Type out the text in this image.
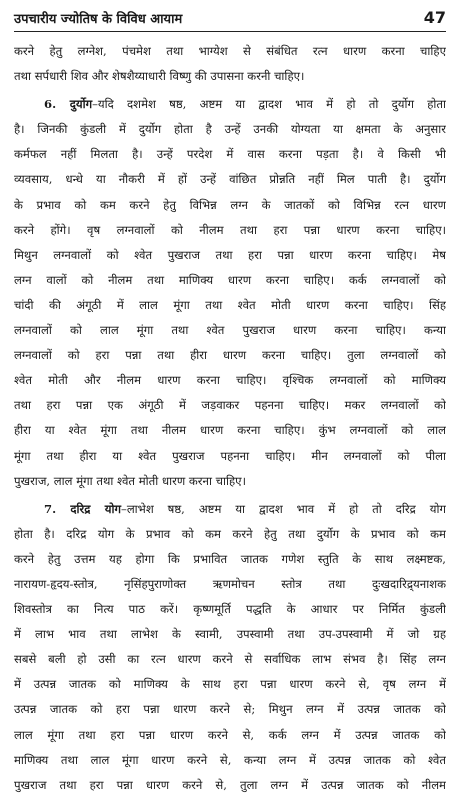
उपचारीय ज्योतिष के विविध आयाम	47
करने हेतु लग्नेश, पंचमेश तथा भाग्येश से संबंधित रत्न धारण करना चाहिए
तथा सर्पधारी शिव और शेषशैय्याधारी विष्णु की उपासना करनी चाहिए।
6. दुर्योग–यदि दशमेश षष्ठ, अष्टम या द्वादश भाव में हो तो दुर्योग होता
है। जिनकी कुंडली में दुर्योग होता है उन्हें उनकी योग्यता या क्षमता के अनुसार
कर्मफल नहीं मिलता है। उन्हें परदेश में वास करना पड़ता है। वे किसी भी
व्यवसाय, धन्धे या नौकरी में हों उन्हें वांछित प्रोन्नति नहीं मिल पाती है। दुर्योग
के प्रभाव को कम करने हेतु विभिन्न लग्न के जातकों को विभिन्न रत्न धारण
करने होंगे। वृष लग्नवालों को नीलम तथा हरा पन्ना धारण करना चाहिए।
मिथुन लग्नवालों को श्वेत पुखराज तथा हरा पन्ना धारण करना चाहिए। मेष
लग्न वालों को नीलम तथा माणिक्य धारण करना चाहिए। कर्क लग्नवालों को
चांदी की अंगूठी में लाल मूंगा तथा श्वेत मोती धारण करना चाहिए। सिंह
लग्नवालों को लाल मूंगा तथा श्वेत पुखराज धारण करना चाहिए। कन्या
लग्नवालों को हरा पन्ना तथा हीरा धारण करना चाहिए। तुला लग्नवालों को
श्वेत मोती और नीलम धारण करना चाहिए। वृश्चिक लग्नवालों को माणिक्य
तथा हरा पन्ना एक अंगूठी में जड़वाकर पहनना चाहिए। मकर लग्नवालों को
हीरा या श्वेत मूंगा तथा नीलम धारण करना चाहिए। कुंभ लग्नवालों को लाल
मूंगा तथा हीरा या श्वेत पुखराज पहनना चाहिए। मीन लग्नवालों को पीला
पुखराज, लाल मूंगा तथा श्वेत मोती धारण करना चाहिए।
7. दरिद्र योग–लाभेश षष्ठ, अष्टम या द्वादश भाव में हो तो दरिद्र योग
होता है। दरिद्र योग के प्रभाव को कम करने हेतु तथा दुर्योग के प्रभाव को कम
करने हेतु उत्तम यह होगा कि प्रभावित जातक गणेश स्तुति के साथ लक्ष्मष्टक,
नारायण-हृदय-स्तोत्र, नृसिंहपुराणोक्त ऋणमोचन स्तोत्र तथा दुःखदारिद्र्यनाशक
शिवस्तोत्र का नित्य पाठ करें। कृष्णमूर्ति पद्धति के आधार पर निर्मित कुंडली
में लाभ भाव तथा लाभेश के स्वामी, उपस्वामी तथा उप-उपस्वामी में जो ग्रह
सबसे बली हो उसी का रत्न धारण करने से सर्वाधिक लाभ संभव है। सिंह लग्न
में उत्पन्न जातक को माणिक्य के साथ हरा पन्ना धारण करने से, वृष लग्न में
उत्पन्न जातक को हरा पन्ना धारण करने से; मिथुन लग्न में उत्पन्न जातक को
लाल मूंगा तथा हरा पन्ना धारण करने से, कर्क लग्न में उत्पन्न जातक को
माणिक्य तथा लाल मूंगा धारण करने से, कन्या लग्न में उत्पन्न जातक को श्वेत
पुखराज तथा हरा पन्ना धारण करने से, तुला लग्न में उत्पन्न जातक को नीलम
